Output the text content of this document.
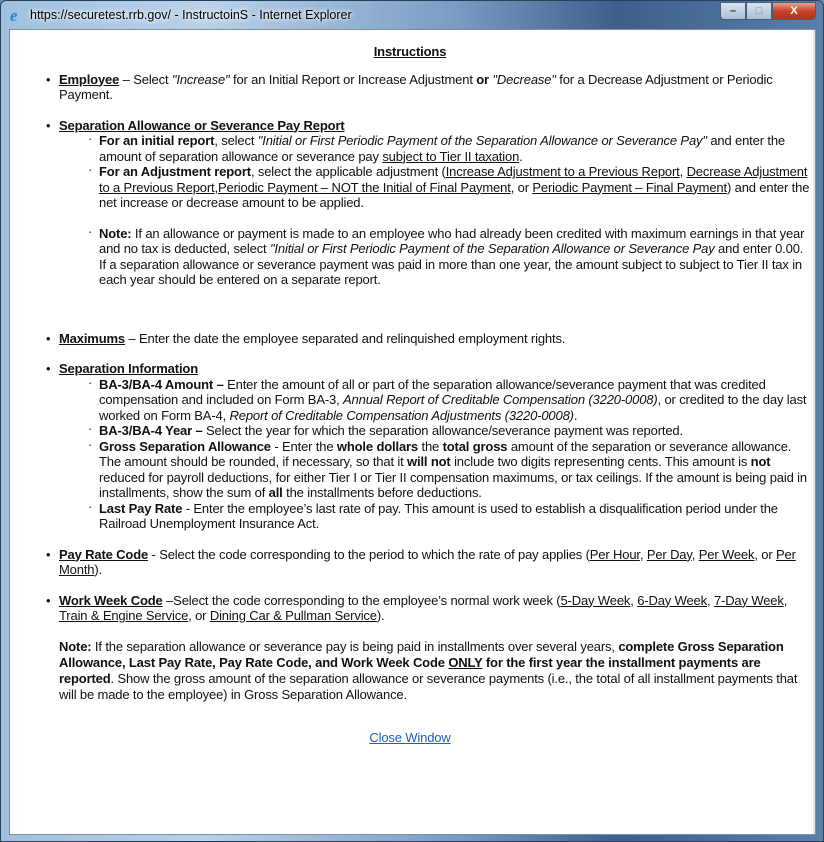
e https://securetest.rrb.gov/ - InstructoinS - Internet Explorer	–	□	X
Instructions
• Employee – Select "Increase" for an Initial Report or Increase Adjustment or "Decrease" for a Decrease Adjustment or Periodic Payment.
• Separation Allowance or Severance Pay Report
▪ For an initial report, select "Initial or First Periodic Payment of the Separation Allowance or Severance Pay" and enter the amount of separation allowance or severance pay subject to Tier II taxation.
▪ For an Adjustment report, select the applicable adjustment (Increase Adjustment to a Previous Report, Decrease Adjustment to a Previous Report,Periodic Payment – NOT the Initial of Final Payment, or Periodic Payment – Final Payment) and enter the net increase or decrease amount to be applied.
▪ Note: If an allowance or payment is made to an employee who had already been credited with maximum earnings in that year and no tax is deducted, select "Initial or First Periodic Payment of the Separation Allowance or Severance Pay and enter 0.00. If a separation allowance or severance payment was paid in more than one year, the amount subject to subject to Tier II tax in each year should be entered on a separate report.
• Maximums – Enter the date the employee separated and relinquished employment rights.
• Separation Information
▪ BA-3/BA-4 Amount – Enter the amount of all or part of the separation allowance/severance payment that was credited compensation and included on Form BA-3, Annual Report of Creditable Compensation (3220-0008), or credited to the day last worked on Form BA-4, Report of Creditable Compensation Adjustments (3220-0008).
▪ BA-3/BA-4 Year – Select the year for which the separation allowance/severance payment was reported.
▪ Gross Separation Allowance - Enter the whole dollars the total gross amount of the separation or severance allowance. The amount should be rounded, if necessary, so that it will not include two digits representing cents. This amount is not reduced for payroll deductions, for either Tier I or Tier II compensation maximums, or tax ceilings. If the amount is being paid in installments, show the sum of all the installments before deductions.
▪ Last Pay Rate - Enter the employee’s last rate of pay. This amount is used to establish a disqualification period under the Railroad Unemployment Insurance Act.
• Pay Rate Code - Select the code corresponding to the period to which the rate of pay applies (Per Hour, Per Day, Per Week, or Per Month).
• Work Week Code –Select the code corresponding to the employee’s normal work week (5-Day Week, 6-Day Week, 7-Day Week, Train & Engine Service, or Dining Car & Pullman Service).
Note: If the separation allowance or severance pay is being paid in installments over several years, complete Gross Separation Allowance, Last Pay Rate, Pay Rate Code, and Work Week Code ONLY for the first year the installment payments are reported. Show the gross amount of the separation allowance or severance payments (i.e., the total of all installment payments that will be made to the employee) in Gross Separation Allowance.
Close Window
